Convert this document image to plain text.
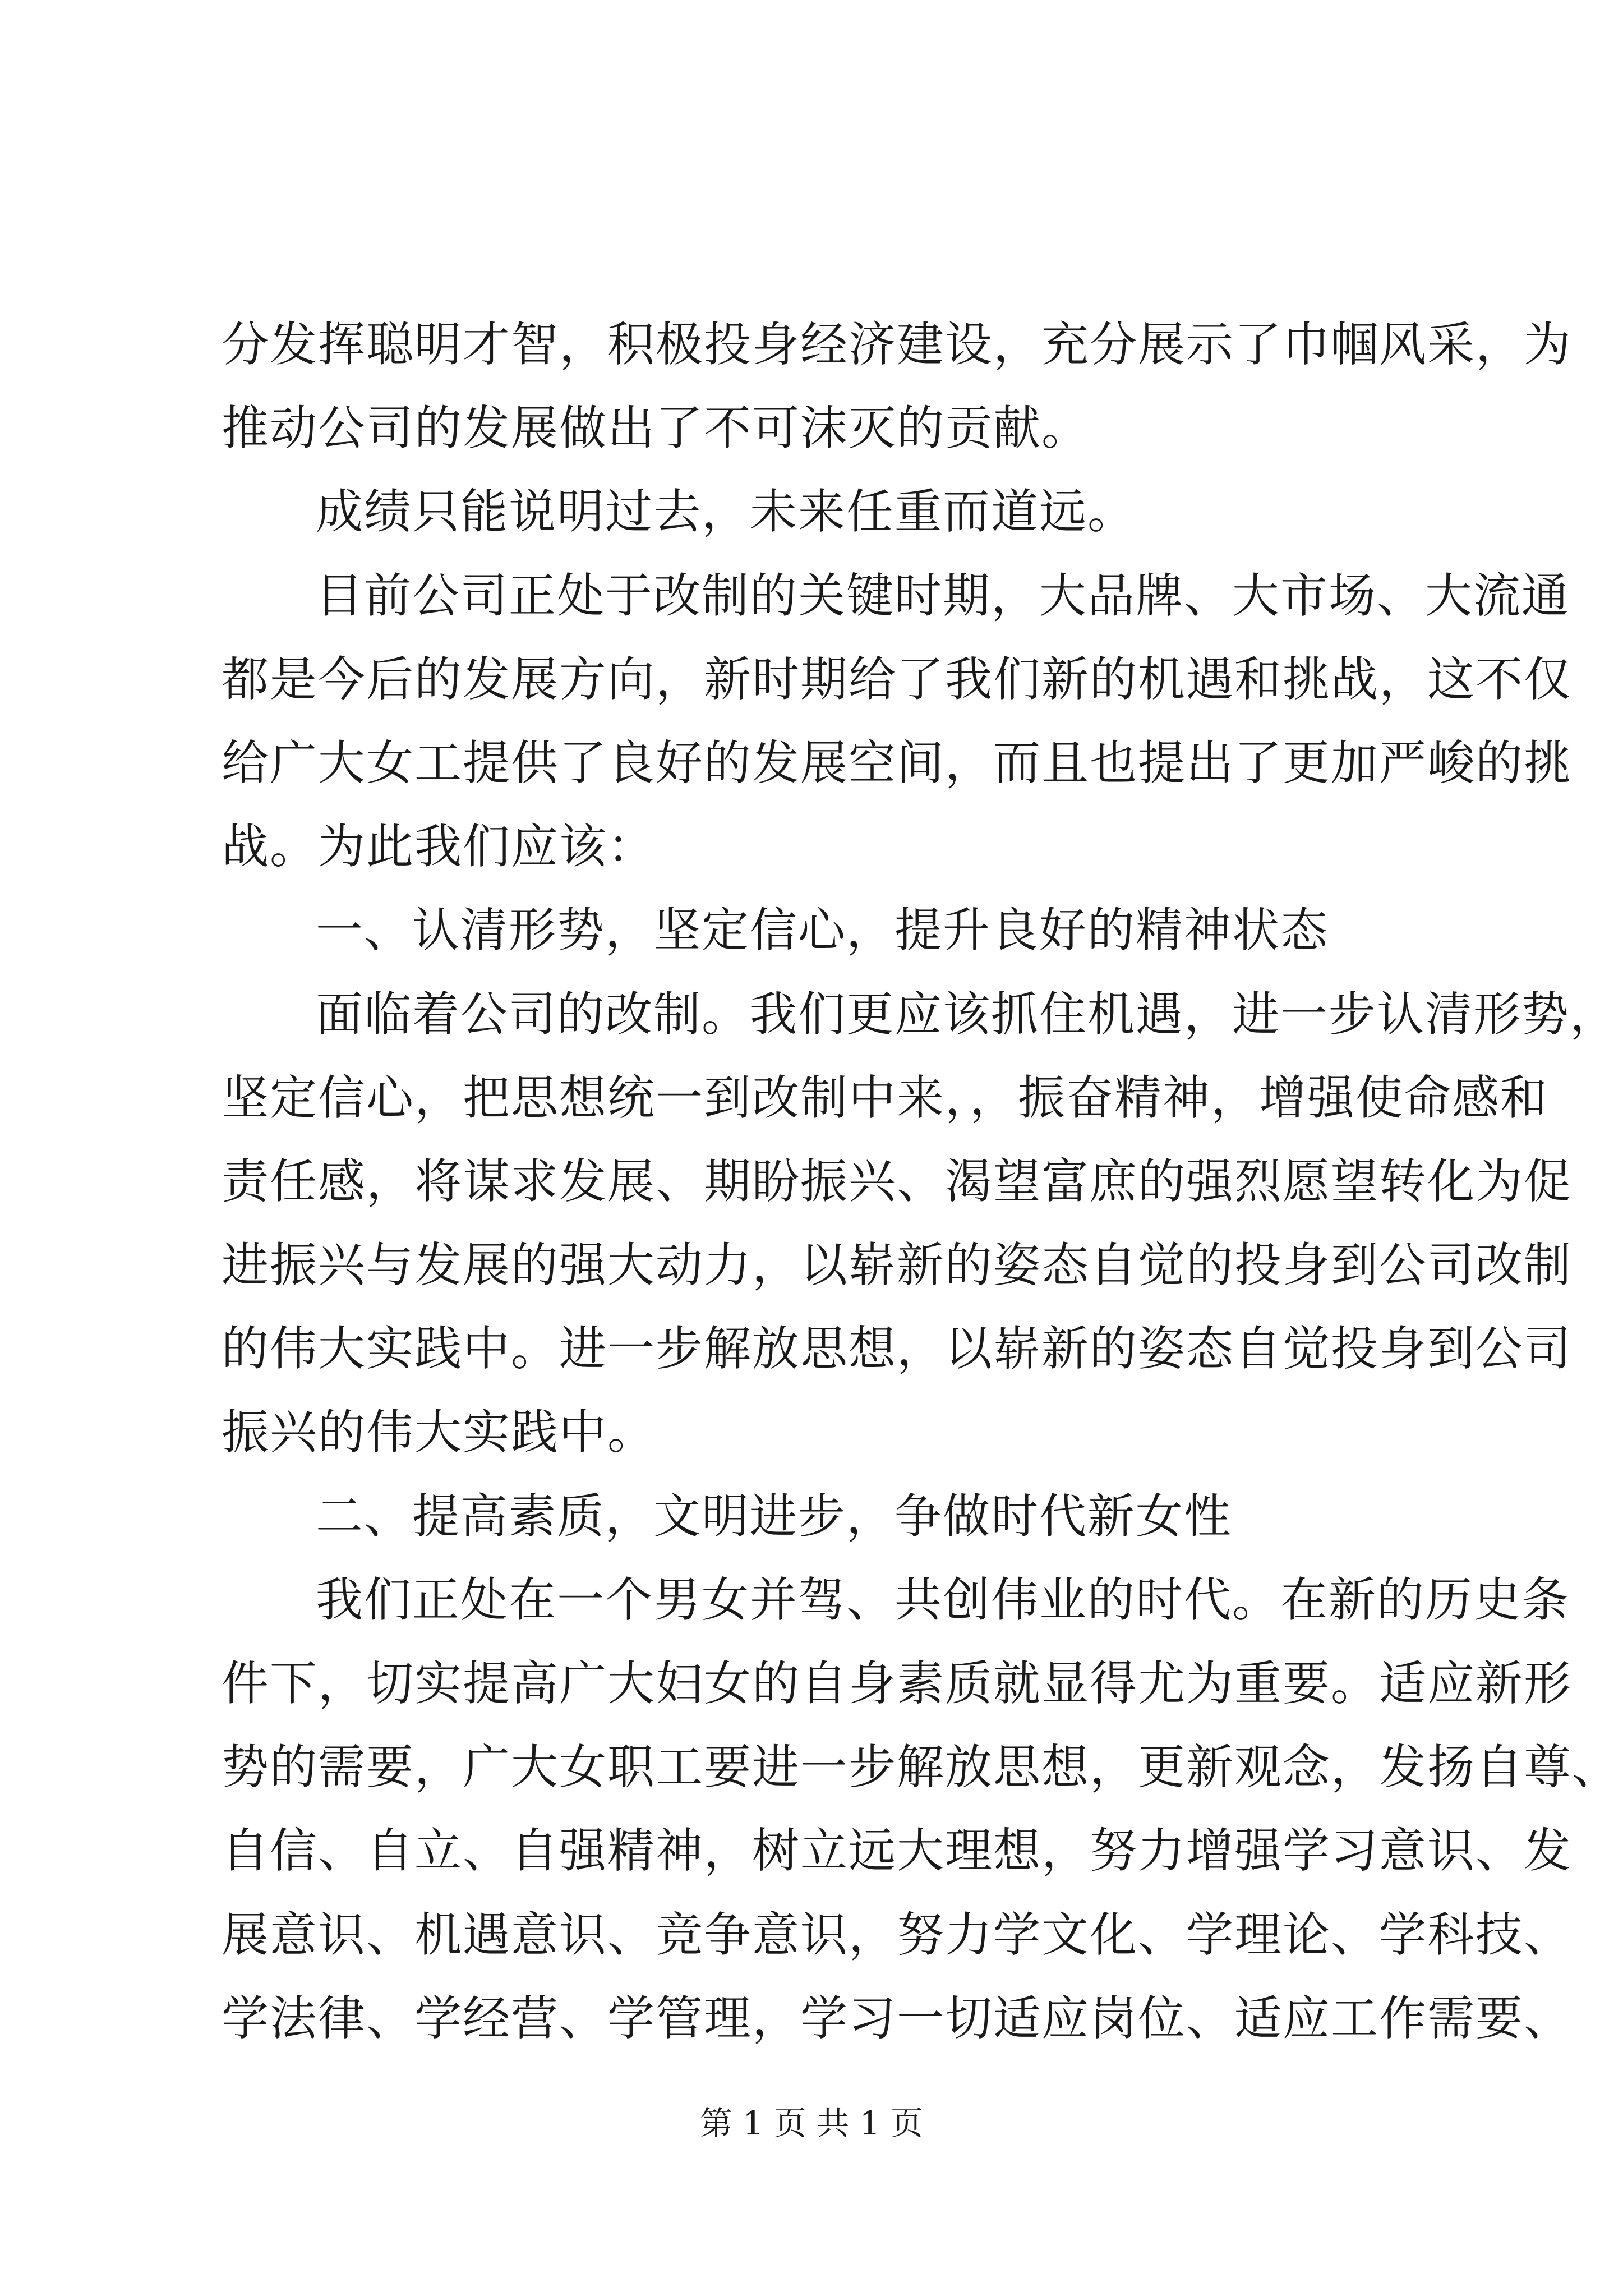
分发挥聪明才智，积极投身经济建设，充分展示了巾帼风采，为
推动公司的发展做出了不可沫灭的贡献。
成绩只能说明过去，未来任重而道远。
目前公司正处于改制的关键时期，大品牌、大市场、大流通
都是今后的发展方向，新时期给了我们新的机遇和挑战，这不仅
给广大女工提供了良好的发展空间，而且也提出了更加严峻的挑
战。为此我们应该：
一、认清形势，坚定信心，提升良好的精神状态
面临着公司的改制。我们更应该抓住机遇，进一步认清形势，
坚定信心，把思想统一到改制中来，，振奋精神，增强使命感和
责任感，将谋求发展、期盼振兴、渴望富庶的强烈愿望转化为促
进振兴与发展的强大动力，以崭新的姿态自觉的投身到公司改制
的伟大实践中。进一步解放思想，以崭新的姿态自觉投身到公司
振兴的伟大实践中。
二、提高素质，文明进步，争做时代新女性
我们正处在一个男女并驾、共创伟业的时代。在新的历史条
件下，切实提高广大妇女的自身素质就显得尤为重要。适应新形
势的需要，广大女职工要进一步解放思想，更新观念，发扬自尊、
自信、自立、自强精神，树立远大理想，努力增强学习意识、发
展意识、机遇意识、竞争意识，努力学文化、学理论、学科技、
学法律、学经营、学管理，学习一切适应岗位、适应工作需要、
第 1 页 共 1 页
